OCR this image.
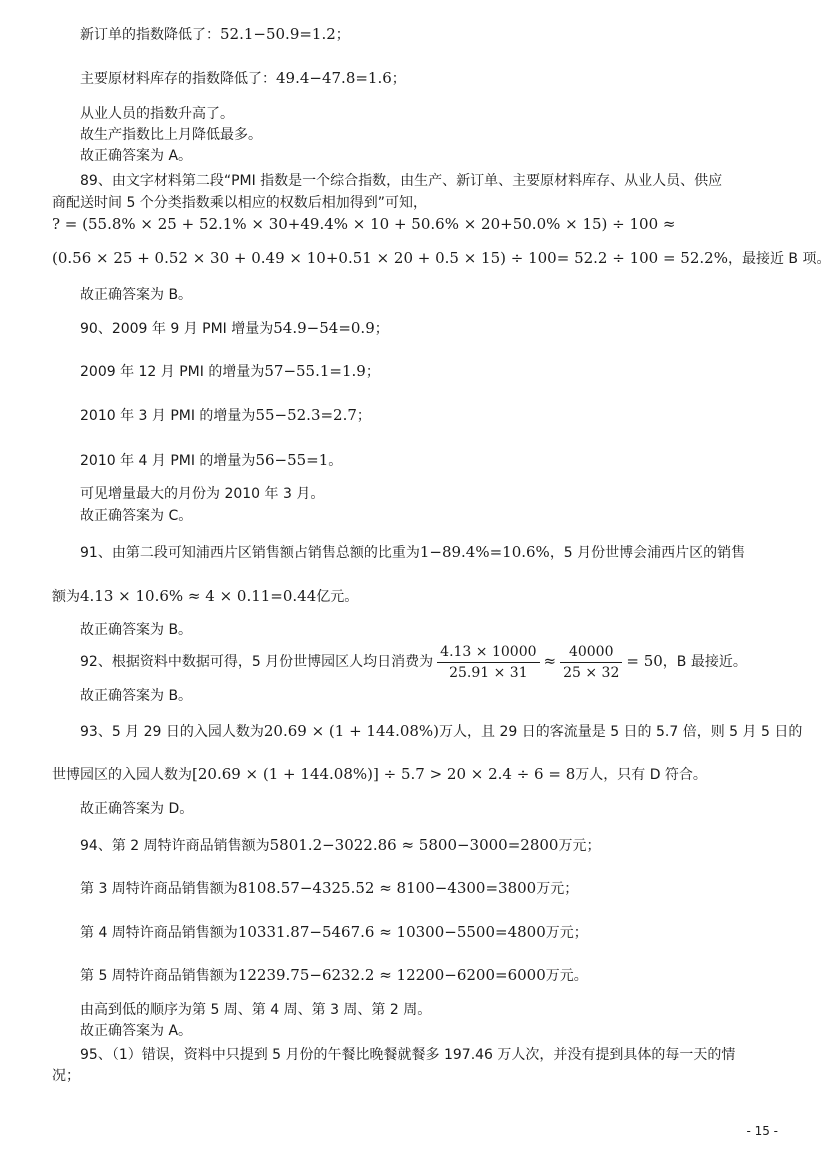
新订单的指数降低了：52.1−50.9=1.2；
主要原材料库存的指数降低了：49.4−47.8=1.6；
从业人员的指数升高了。
故生产指数比上月降低最多。
故正确答案为 A。
89、由文字材料第二段“PMI 指数是一个综合指数，由生产、新订单、主要原材料库存、从业人员、供应
商配送时间 5 个分类指数乘以相应的权数后相加得到”可知，
? = (55.8% × 25 + 52.1% × 30+49.4% × 10 + 50.6% × 20+50.0% × 15) ÷ 100 ≈
(0.56 × 25 + 0.52 × 30 + 0.49 × 10+0.51 × 20 + 0.5 × 15) ÷ 100= 52.2 ÷ 100 = 52.2%，最接近 B 项。
故正确答案为 B。
90、2009 年 9 月 PMI 增量为54.9−54=0.9；
2009 年 12 月 PMI 的增量为57−55.1=1.9；
2010 年 3 月 PMI 的增量为55−52.3=2.7；
2010 年 4 月 PMI 的增量为56−55=1。
可见增量最大的月份为 2010 年 3 月。
故正确答案为 C。
91、由第二段可知浦西片区销售额占销售总额的比重为1−89.4%=10.6%，5 月份世博会浦西片区的销售
额为4.13 × 10.6% ≈ 4 × 0.11=0.44亿元。
故正确答案为 B。
92、根据资料中数据可得，5 月份世博园区人均日消费为 $\frac{4.13 \times 10000}{25.91 \times 31} \approx \frac{40000}{25 \times 32} = 50$，B 最接近。
故正确答案为 B。
93、5 月 29 日的入园人数为20.69 × (1 + 144.08%)万人，且 29 日的客流量是 5 日的 5.7 倍，则 5 月 5 日的
世博园区的入园人数为[20.69 × (1 + 144.08%)] ÷ 5.7 > 20 × 2.4 ÷ 6 = 8万人，只有 D 符合。
故正确答案为 D。
94、第 2 周特许商品销售额为5801.2−3022.86 ≈ 5800−3000=2800万元；
第 3 周特许商品销售额为8108.57−4325.52 ≈ 8100−4300=3800万元；
第 4 周特许商品销售额为10331.87−5467.6 ≈ 10300−5500=4800万元；
第 5 周特许商品销售额为12239.75−6232.2 ≈ 12200−6200=6000万元。
由高到低的顺序为第 5 周、第 4 周、第 3 周、第 2 周。
故正确答案为 A。
95、（1）错误，资料中只提到 5 月份的午餐比晚餐就餐多 197.46 万人次，并没有提到具体的每一天的情
况；
- 15 -
